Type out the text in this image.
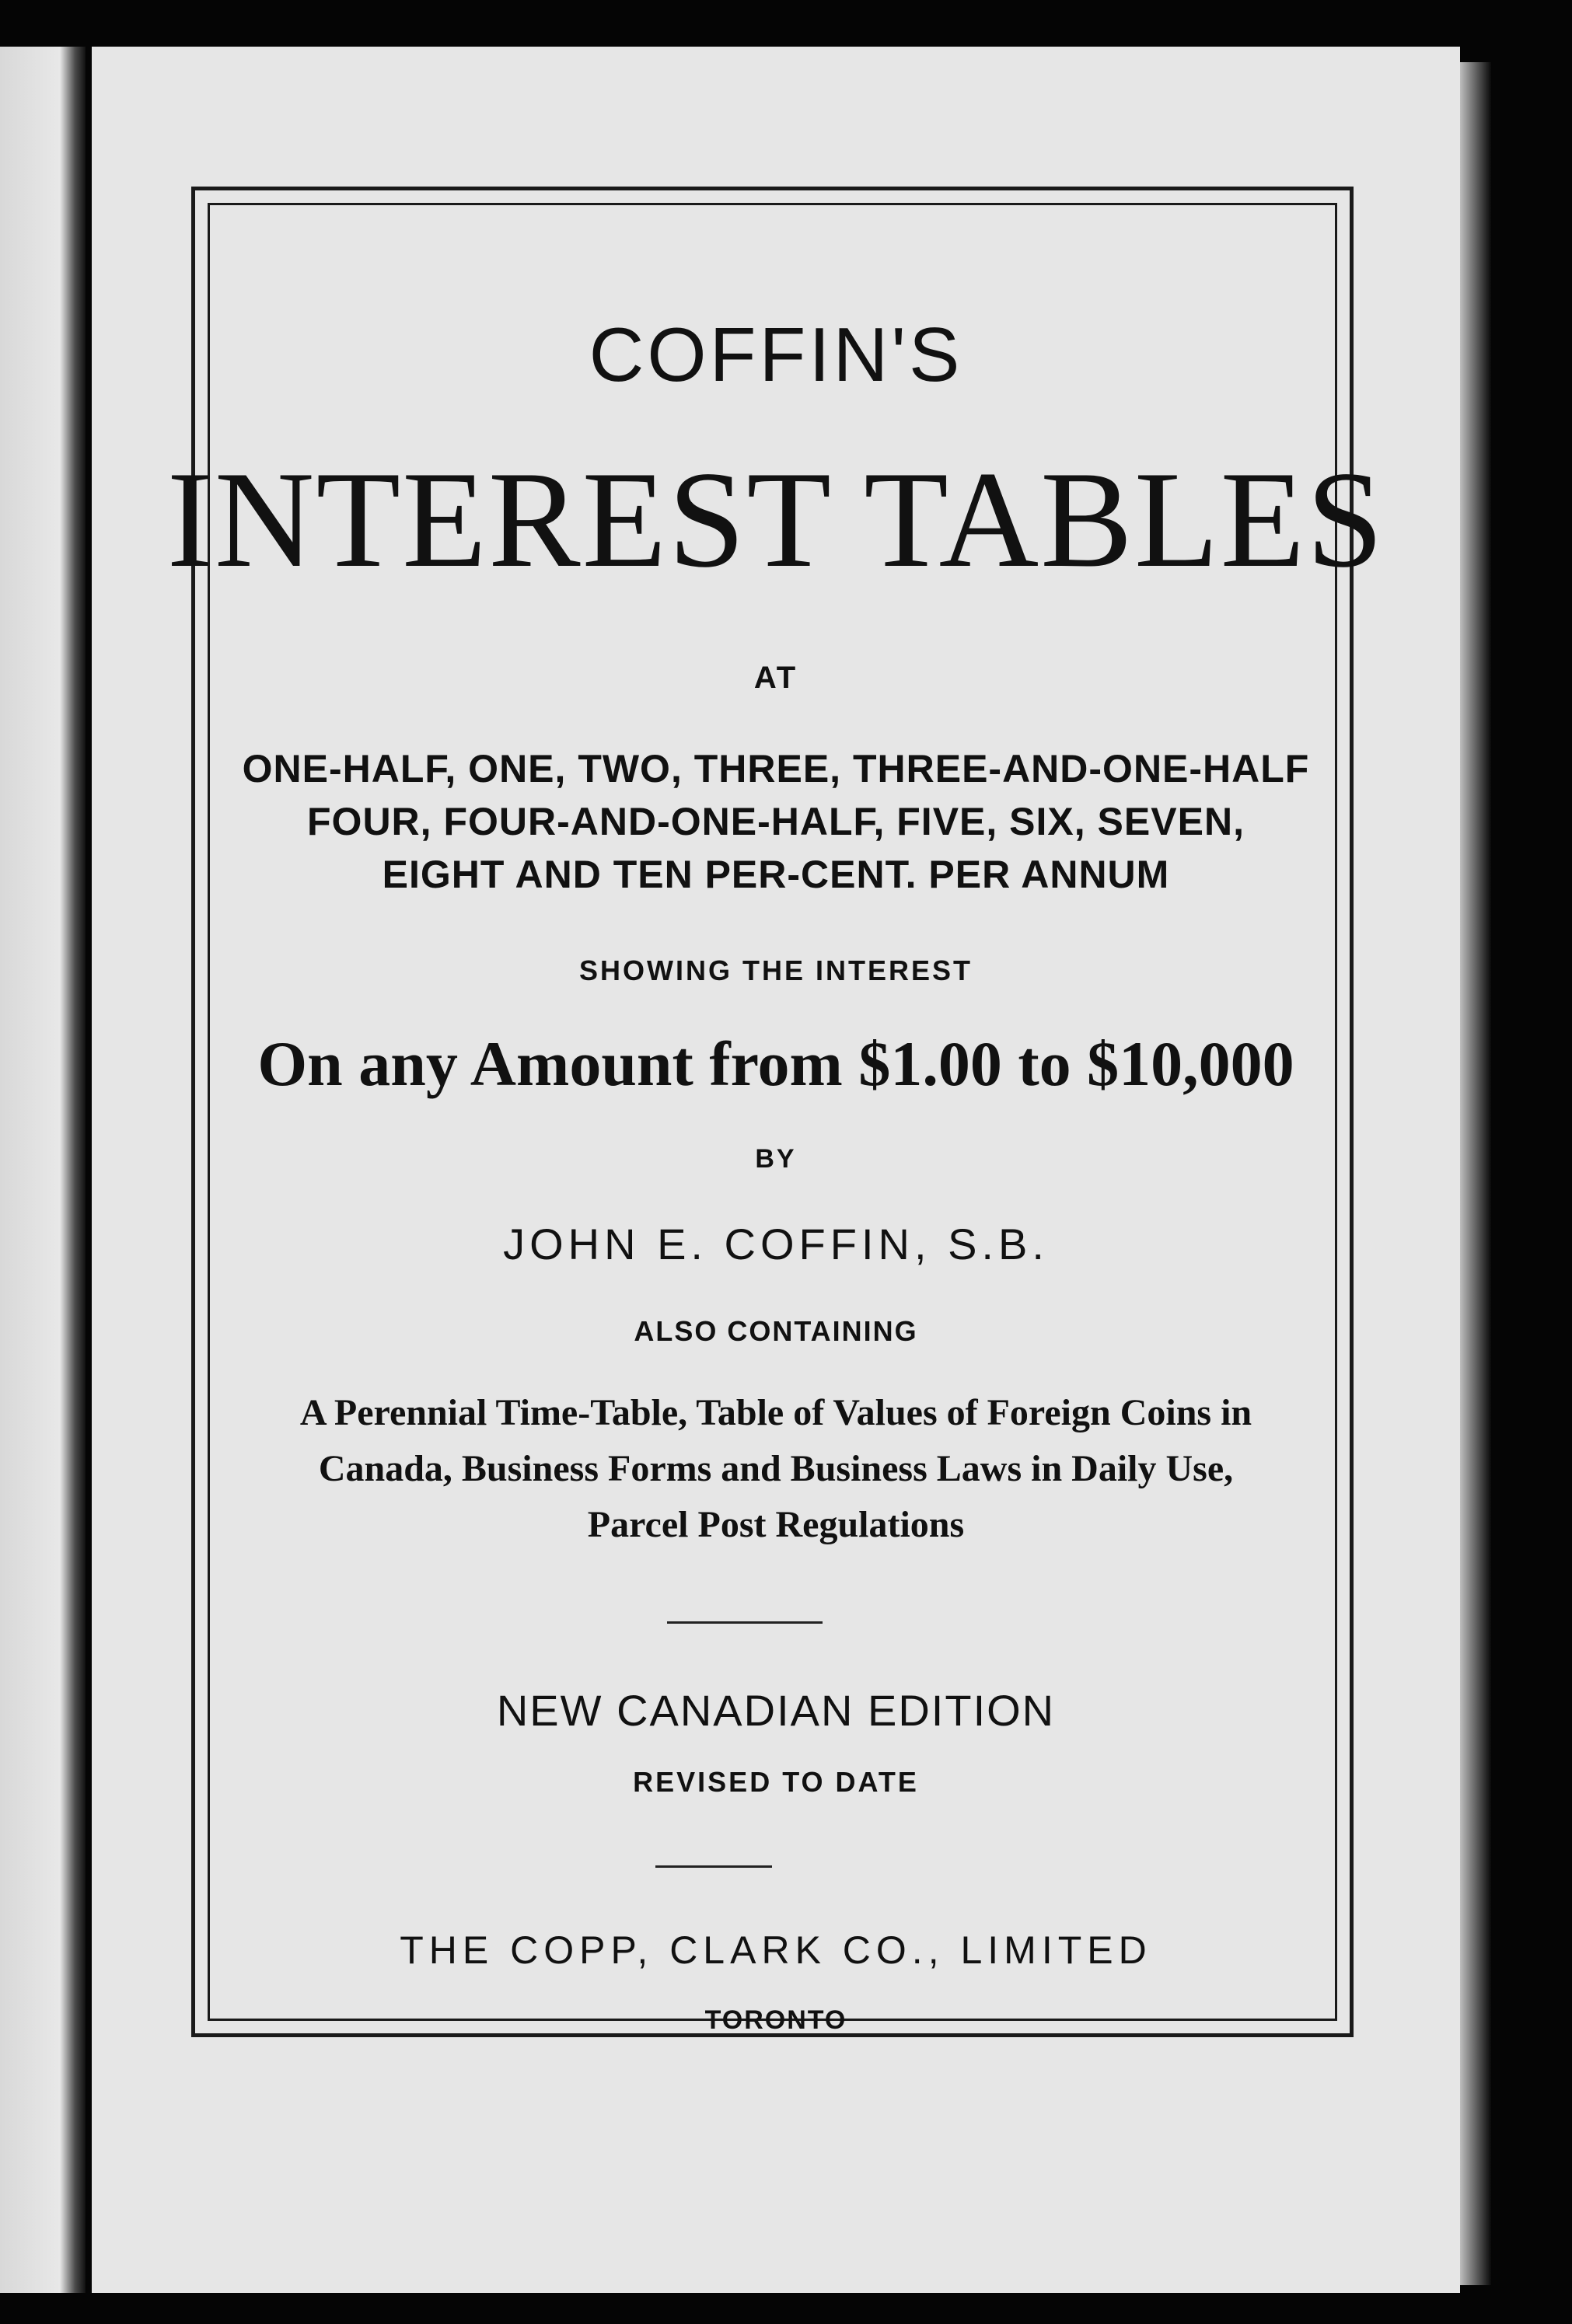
COFFIN'S
INTEREST TABLES
AT
ONE-HALF, ONE, TWO, THREE, THREE-AND-ONE-HALF
FOUR, FOUR-AND-ONE-HALF, FIVE, SIX, SEVEN,
EIGHT AND TEN PER-CENT. PER ANNUM
SHOWING THE INTEREST
On any Amount from $1.00 to $10,000
BY
JOHN E. COFFIN, S.B.
ALSO CONTAINING
A Perennial Time-Table, Table of Values of Foreign Coins in
Canada, Business Forms and Business Laws in Daily Use,
Parcel Post Regulations
NEW CANADIAN EDITION
REVISED TO DATE
THE COPP, CLARK CO., LIMITED
TORONTO
